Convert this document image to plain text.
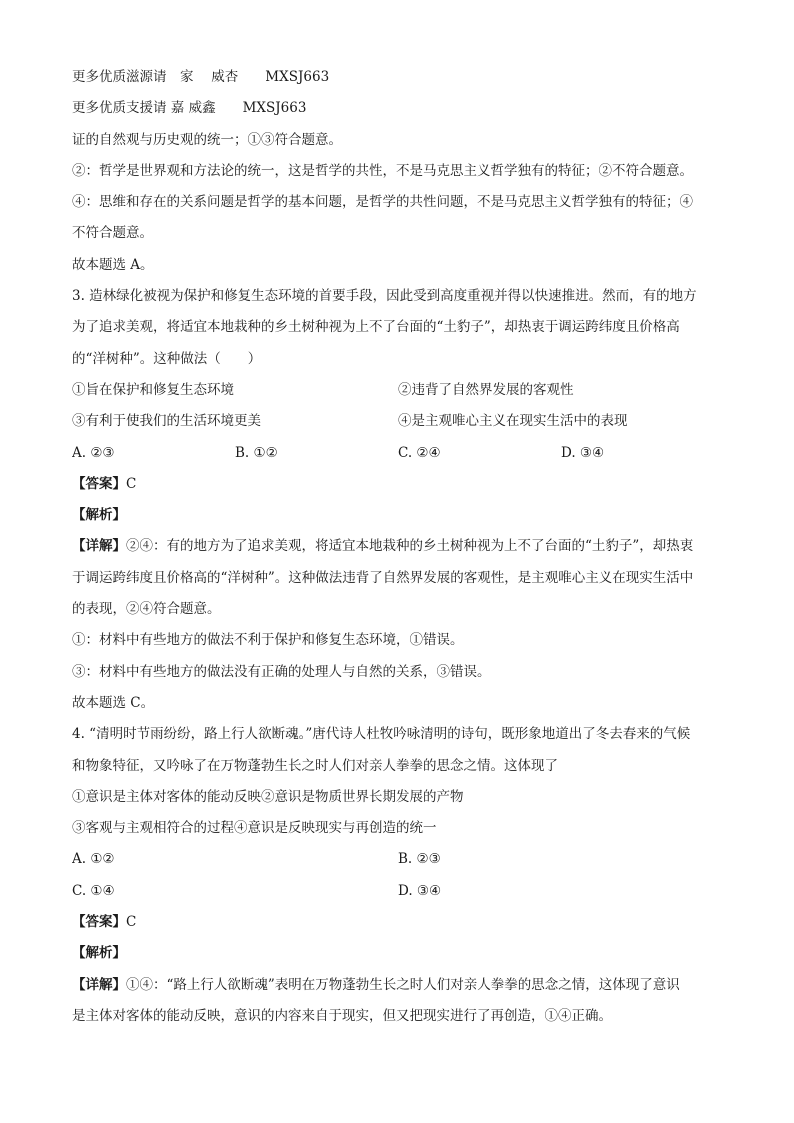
更多优质滋源请　家　 威杏　　MXSJ663
更多优质支援请 嘉 威鑫　　MXSJ663
证的自然观与历史观的统一；①③符合题意。
②：哲学是世界观和方法论的统一，这是哲学的共性，不是马克思主义哲学独有的特征；②不符合题意。
④：思维和存在的关系问题是哲学的基本问题，是哲学的共性问题，不是马克思主义哲学独有的特征；④
不符合题意。
故本题选 A。
3. 造林绿化被视为保护和修复生态环境的首要手段，因此受到高度重视并得以快速推进。然而，有的地方
为了追求美观，将适宜本地栽种的乡土树种视为上不了台面的“土豹子”，却热衷于调运跨纬度且价格高
的“洋树种”。这种做法（　　）
①旨在保护和修复生态环境	②违背了自然界发展的客观性
③有利于使我们的生活环境更美	④是主观唯心主义在现实生活中的表现
A. ②③	B. ①②	C. ②④	D. ③④
【答案】C
【解析】
【详解】②④：有的地方为了追求美观，将适宜本地栽种的乡土树种视为上不了台面的“土豹子”，却热衷
于调运跨纬度且价格高的“洋树种”。这种做法违背了自然界发展的客观性，是主观唯心主义在现实生活中
的表现，②④符合题意。
①：材料中有些地方的做法不利于保护和修复生态环境，①错误。
③：材料中有些地方的做法没有正确的处理人与自然的关系，③错误。
故本题选 C。
4. “清明时节雨纷纷，路上行人欲断魂。”唐代诗人杜牧吟咏清明的诗句，既形象地道出了冬去春来的气候
和物象特征，又吟咏了在万物蓬勃生长之时人们对亲人拳拳的思念之情。这体现了
①意识是主体对客体的能动反映②意识是物质世界长期发展的产物
③客观与主观相符合的过程④意识是反映现实与再创造的统一
A. ①②	B. ②③
C. ①④	D. ③④
【答案】C
【解析】
【详解】①④：“路上行人欲断魂”表明在万物蓬勃生长之时人们对亲人拳拳的思念之情，这体现了意识
是主体对客体的能动反映，意识的内容来自于现实，但又把现实进行了再创造，①④正确。
